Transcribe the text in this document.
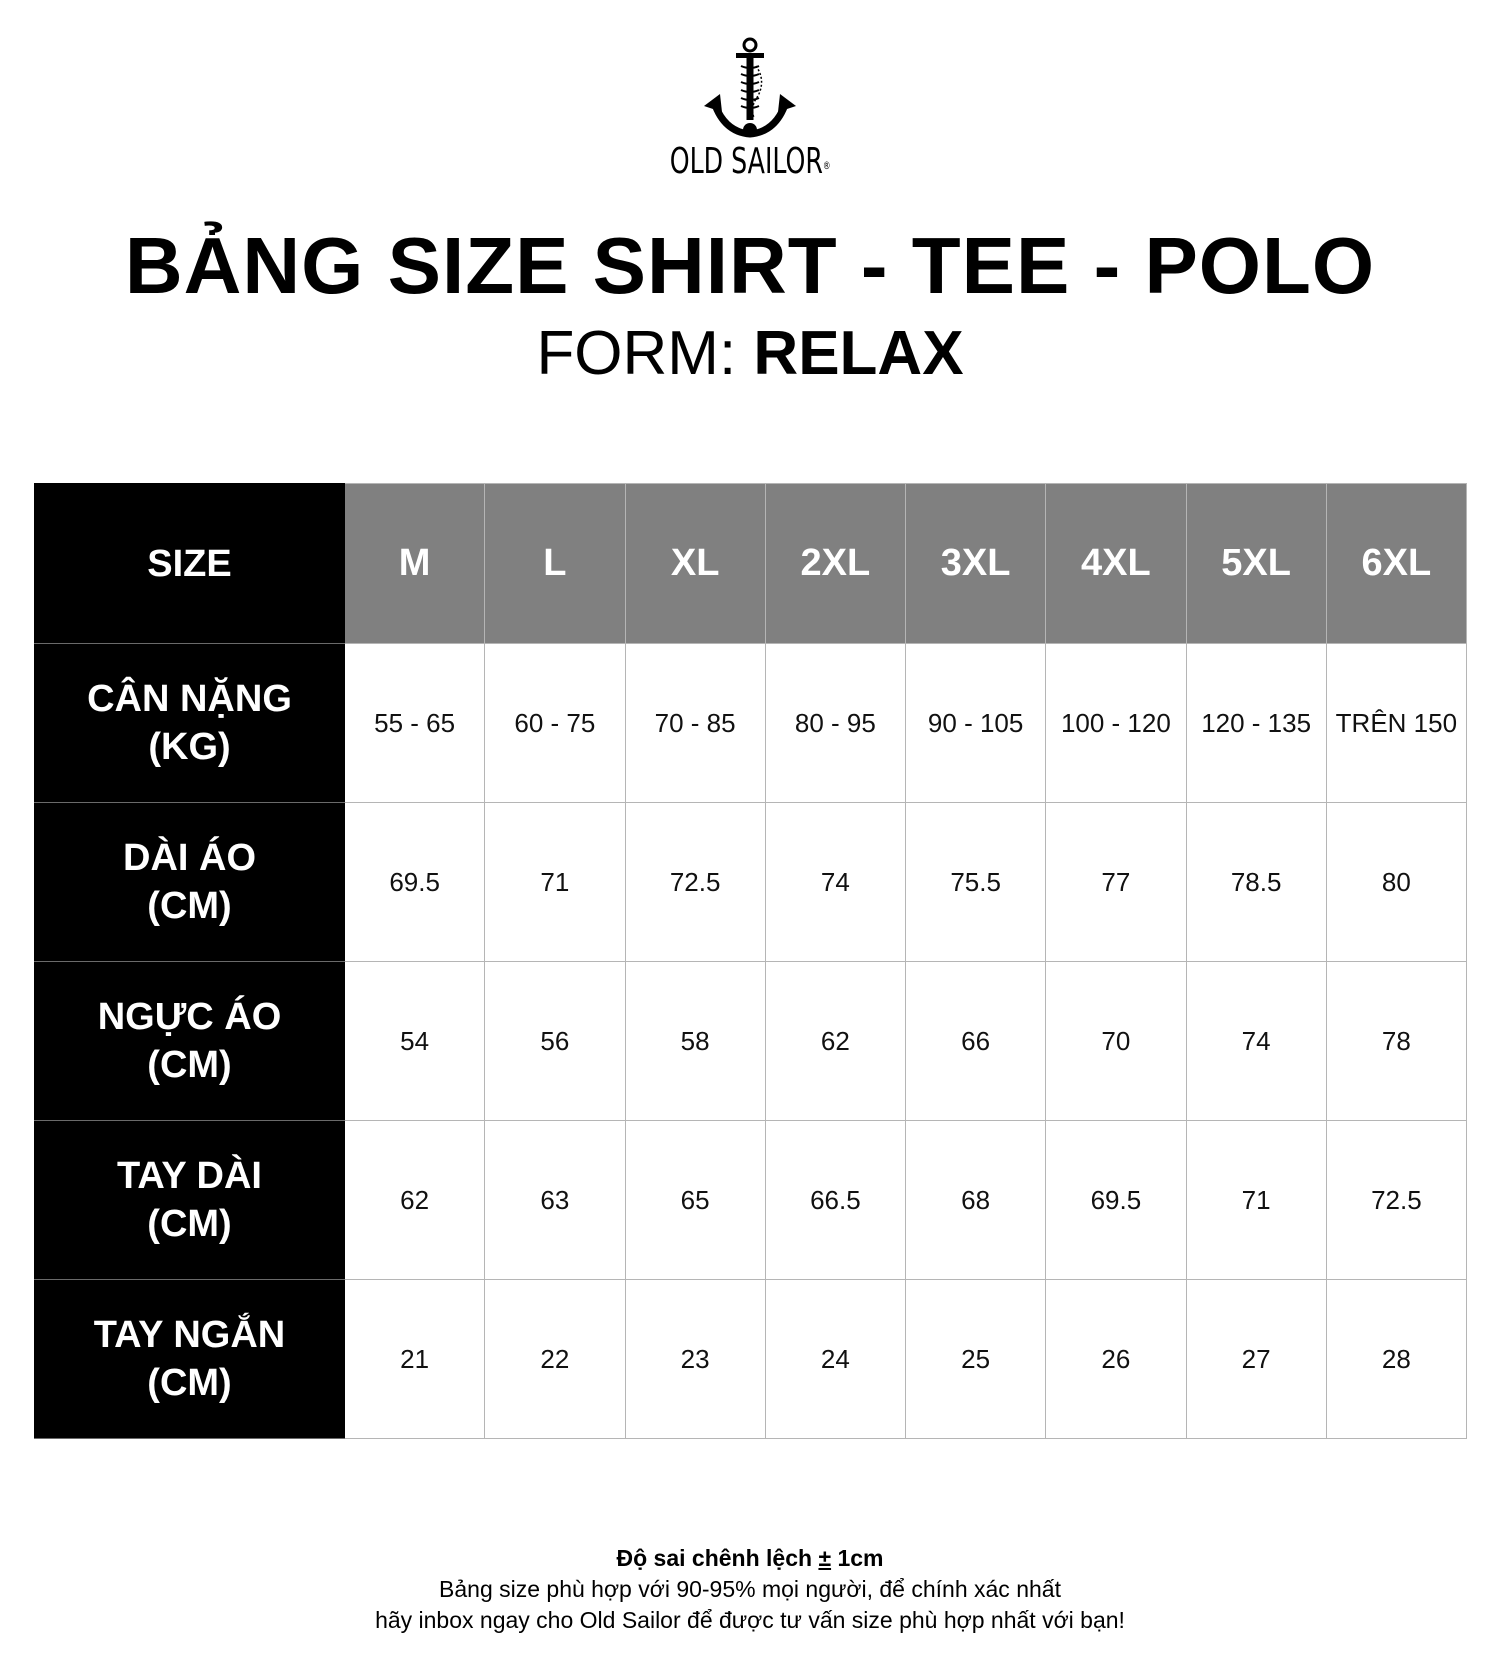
OLD SAILOR®
BẢNG SIZE SHIRT - TEE - POLO

FORM: RELAX

SIZE	M	L	XL	2XL	3XL	4XL	5XL	6XL

CÂN NẶNG
(KG)	55 - 65	60 - 75	70 - 85	80 - 95	90 - 105	100 - 120	120 - 135	TRÊN 150

DÀI ÁO
(CM)	69.5	71	72.5	74	75.5	77	78.5	80

NGỰC ÁO
(CM)	54	56	58	62	66	70	74	78

TAY DÀI
(CM)	62	63	65	66.5	68	69.5	71	72.5

TAY NGẮN
(CM)	21	22	23	24	25	26	27	28
Độ sai chênh lệch ± 1cm
Bảng size phù hợp với 90-95% mọi người, để chính xác nhất
hãy inbox ngay cho Old Sailor để được tư vấn size phù hợp nhất với bạn!
